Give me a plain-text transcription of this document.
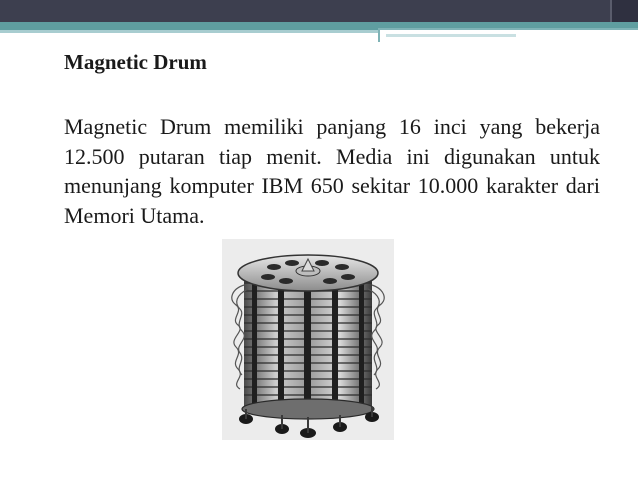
Magnetic Drum

Magnetic Drum memiliki panjang 16 inci yang bekerja 12.500 putaran tiap menit. Media ini digunakan untuk menunjang komputer IBM 650 sekitar 10.000 karakter dari Memori Utama.
